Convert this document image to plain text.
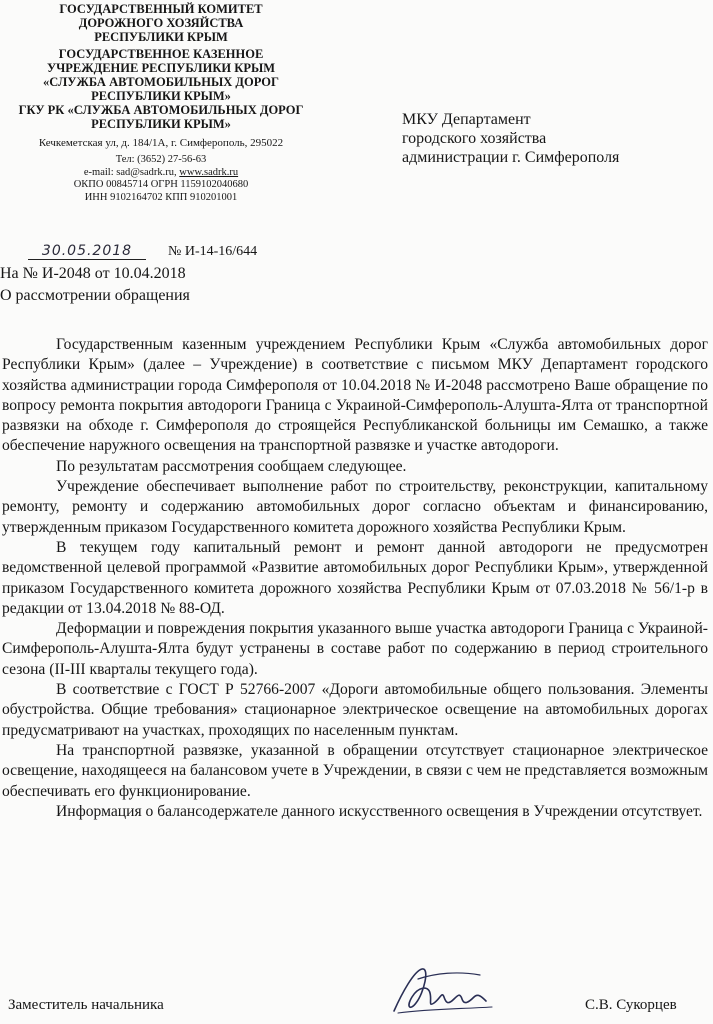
ГОСУДАРСТВЕННЫЙ КОМИТЕТ
ДОРОЖНОГО ХОЗЯЙСТВА
РЕСПУБЛИКИ КРЫМ
ГОСУДАРСТВЕННОЕ КАЗЕННОЕ
УЧРЕЖДЕНИЕ РЕСПУБЛИКИ КРЫМ
«СЛУЖБА АВТОМОБИЛЬНЫХ ДОРОГ
РЕСПУБЛИКИ КРЫМ»
ГКУ РК «СЛУЖБА АВТОМОБИЛЬНЫХ ДОРОГ
РЕСПУБЛИКИ КРЫМ»
Кечкеметская ул, д. 184/1А, г. Симферополь, 295022
Тел: (3652) 27-56-63
e-mail: sad@sadrk.ru, www.sadrk.ru
ОКПО 00845714 ОГРН 1159102040680
ИНН 9102164702 КПП 910201001
30.05.2018	№ И-14-16/644
На № И-2048 от 10.04.2018
О рассмотрении обращения
МКУ Департамент
городского хозяйства
администрации г. Симферополя

Государственным казенным учреждением Республики Крым «Служба автомобильных дорог Республики Крым» (далее – Учреждение) в соответствие с письмом МКУ Департамент городского хозяйства администрации города Симферополя от 10.04.2018 № И-2048 рассмотрено Ваше обращение по вопросу ремонта покрытия автодороги Граница с Украиной-Симферополь-Алушта-Ялта от транспортной развязки на обходе г. Симферополя до строящейся Республиканской больницы им Семашко, а также обеспечение наружного освещения на транспортной развязке и участке автодороги.

По результатам рассмотрения сообщаем следующее.

Учреждение обеспечивает выполнение работ по строительству, реконструкции, капитальному ремонту, ремонту и содержанию автомобильных дорог согласно объектам и финансированию, утвержденным приказом Государственного комитета дорожного хозяйства Республики Крым.

В текущем году капитальный ремонт и ремонт данной автодороги не предусмотрен ведомственной целевой программой «Развитие автомобильных дорог Республики Крым», утвержденной приказом Государственного комитета дорожного хозяйства Республики Крым от 07.03.2018 № 56/1-р в редакции от 13.04.2018 № 88-ОД.

Деформации и повреждения покрытия указанного выше участка автодороги Граница с Украиной-Симферополь-Алушта-Ялта будут устранены в составе работ по содержанию в период строительного сезона (II-III кварталы текущего года).

В соответствие с ГОСТ Р 52766-2007 «Дороги автомобильные общего пользования. Элементы обустройства. Общие требования» стационарное электрическое освещение на автомобильных дорогах предусматривают на участках, проходящих по населенным пунктам.

На транспортной развязке, указанной в обращении отсутствует стационарное электрическое освещение, находящееся на балансовом учете в Учреждении, в связи с чем не представляется возможным обеспечивать его функционирование.

Информация о балансодержателе данного искусственного освещения в Учреждении отсутствует.

Заместитель начальника	С.В. Сукорцев
